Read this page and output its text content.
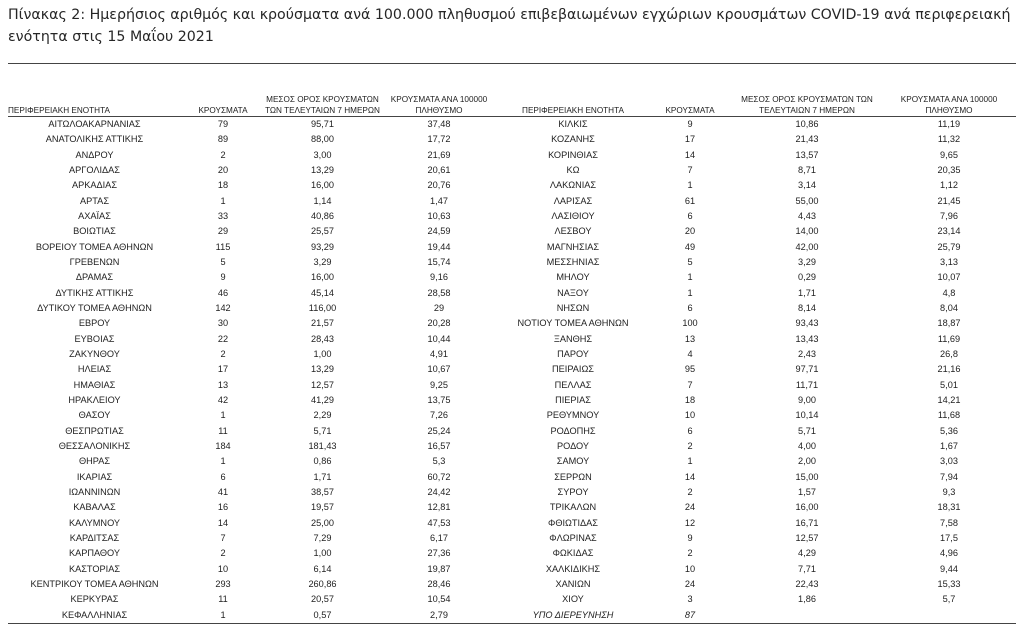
Πίνακας 2: Ημερήσιος αριθμός και κρούσματα ανά 100.000 πληθυσμού επιβεβαιωμένων εγχώριων κρουσμάτων COVID-19 ανά περιφερειακή ενότητα στις 15 Μαΐου 2021
ΠΕΡΙΦΕΡΕΙΑΚΗ ΕΝΟΤΗΤΑ	ΚΡΟΥΣΜΑΤΑ	ΜΕΣΟΣ ΟΡΟΣ ΚΡΟΥΣΜΑΤΩΝ ΤΩΝ ΤΕΛΕΥΤΑΙΩΝ 7 ΗΜΕΡΩΝ	ΚΡΟΥΣΜΑΤΑ ΑΝΑ 100000 ΠΛΗΘΥΣΜΟ	ΠΕΡΙΦΕΡΕΙΑΚΗ ΕΝΟΤΗΤΑ	ΚΡΟΥΣΜΑΤΑ	ΜΕΣΟΣ ΟΡΟΣ ΚΡΟΥΣΜΑΤΩΝ ΤΩΝ ΤΕΛΕΥΤΑΙΩΝ 7 ΗΜΕΡΩΝ	ΚΡΟΥΣΜΑΤΑ ΑΝΑ 100000 ΠΛΗΘΥΣΜΟ
ΑΙΤΩΛΟΑΚΑΡΝΑΝΙΑΣ	79	95,71	37,48	ΚΙΛΚΙΣ	9	10,86	11,19
ΑΝΑΤΟΛΙΚΗΣ ΑΤΤΙΚΗΣ	89	88,00	17,72	ΚΟΖΑΝΗΣ	17	21,43	11,32
ΑΝΔΡΟΥ	2	3,00	21,69	ΚΟΡΙΝΘΙΑΣ	14	13,57	9,65
ΑΡΓΟΛΙΔΑΣ	20	13,29	20,61	ΚΩ	7	8,71	20,35
ΑΡΚΑΔΙΑΣ	18	16,00	20,76	ΛΑΚΩΝΙΑΣ	1	3,14	1,12
ΑΡΤΑΣ	1	1,14	1,47	ΛΑΡΙΣΑΣ	61	55,00	21,45
ΑΧΑΪΑΣ	33	40,86	10,63	ΛΑΣΙΘΙΟΥ	6	4,43	7,96
ΒΟΙΩΤΙΑΣ	29	25,57	24,59	ΛΕΣΒΟΥ	20	14,00	23,14
ΒΟΡΕΙΟΥ ΤΟΜΕΑ ΑΘΗΝΩΝ	115	93,29	19,44	ΜΑΓΝΗΣΙΑΣ	49	42,00	25,79
ΓΡΕΒΕΝΩΝ	5	3,29	15,74	ΜΕΣΣΗΝΙΑΣ	5	3,29	3,13
ΔΡΑΜΑΣ	9	16,00	9,16	ΜΗΛΟΥ	1	0,29	10,07
ΔΥΤΙΚΗΣ ΑΤΤΙΚΗΣ	46	45,14	28,58	ΝΑΞΟΥ	1	1,71	4,8
ΔΥΤΙΚΟΥ ΤΟΜΕΑ ΑΘΗΝΩΝ	142	116,00	29	ΝΗΣΩΝ	6	8,14	8,04
ΕΒΡΟΥ	30	21,57	20,28	ΝΟΤΙΟΥ ΤΟΜΕΑ ΑΘΗΝΩΝ	100	93,43	18,87
ΕΥΒΟΙΑΣ	22	28,43	10,44	ΞΑΝΘΗΣ	13	13,43	11,69
ΖΑΚΥΝΘΟΥ	2	1,00	4,91	ΠΑΡΟΥ	4	2,43	26,8
ΗΛΕΙΑΣ	17	13,29	10,67	ΠΕΙΡΑΙΩΣ	95	97,71	21,16
ΗΜΑΘΙΑΣ	13	12,57	9,25	ΠΕΛΛΑΣ	7	11,71	5,01
ΗΡΑΚΛΕΙΟΥ	42	41,29	13,75	ΠΙΕΡΙΑΣ	18	9,00	14,21
ΘΑΣΟΥ	1	2,29	7,26	ΡΕΘΥΜΝΟΥ	10	10,14	11,68
ΘΕΣΠΡΩΤΙΑΣ	11	5,71	25,24	ΡΟΔΟΠΗΣ	6	5,71	5,36
ΘΕΣΣΑΛΟΝΙΚΗΣ	184	181,43	16,57	ΡΟΔΟΥ	2	4,00	1,67
ΘΗΡΑΣ	1	0,86	5,3	ΣΑΜΟΥ	1	2,00	3,03
ΙΚΑΡΙΑΣ	6	1,71	60,72	ΣΕΡΡΩΝ	14	15,00	7,94
ΙΩΑΝΝΙΝΩΝ	41	38,57	24,42	ΣΥΡΟΥ	2	1,57	9,3
ΚΑΒΑΛΑΣ	16	19,57	12,81	ΤΡΙΚΑΛΩΝ	24	16,00	18,31
ΚΑΛΥΜΝΟΥ	14	25,00	47,53	ΦΘΙΩΤΙΔΑΣ	12	16,71	7,58
ΚΑΡΔΙΤΣΑΣ	7	7,29	6,17	ΦΛΩΡΙΝΑΣ	9	12,57	17,5
ΚΑΡΠΑΘΟΥ	2	1,00	27,36	ΦΩΚΙΔΑΣ	2	4,29	4,96
ΚΑΣΤΟΡΙΑΣ	10	6,14	19,87	ΧΑΛΚΙΔΙΚΗΣ	10	7,71	9,44
ΚΕΝΤΡΙΚΟΥ ΤΟΜΕΑ ΑΘΗΝΩΝ	293	260,86	28,46	ΧΑΝΙΩΝ	24	22,43	15,33
ΚΕΡΚΥΡΑΣ	11	20,57	10,54	ΧΙΟΥ	3	1,86	5,7
ΚΕΦΑΛΛΗΝΙΑΣ	1	0,57	2,79	ΥΠΟ ΔΙΕΡΕΥΝΗΣΗ	87		
